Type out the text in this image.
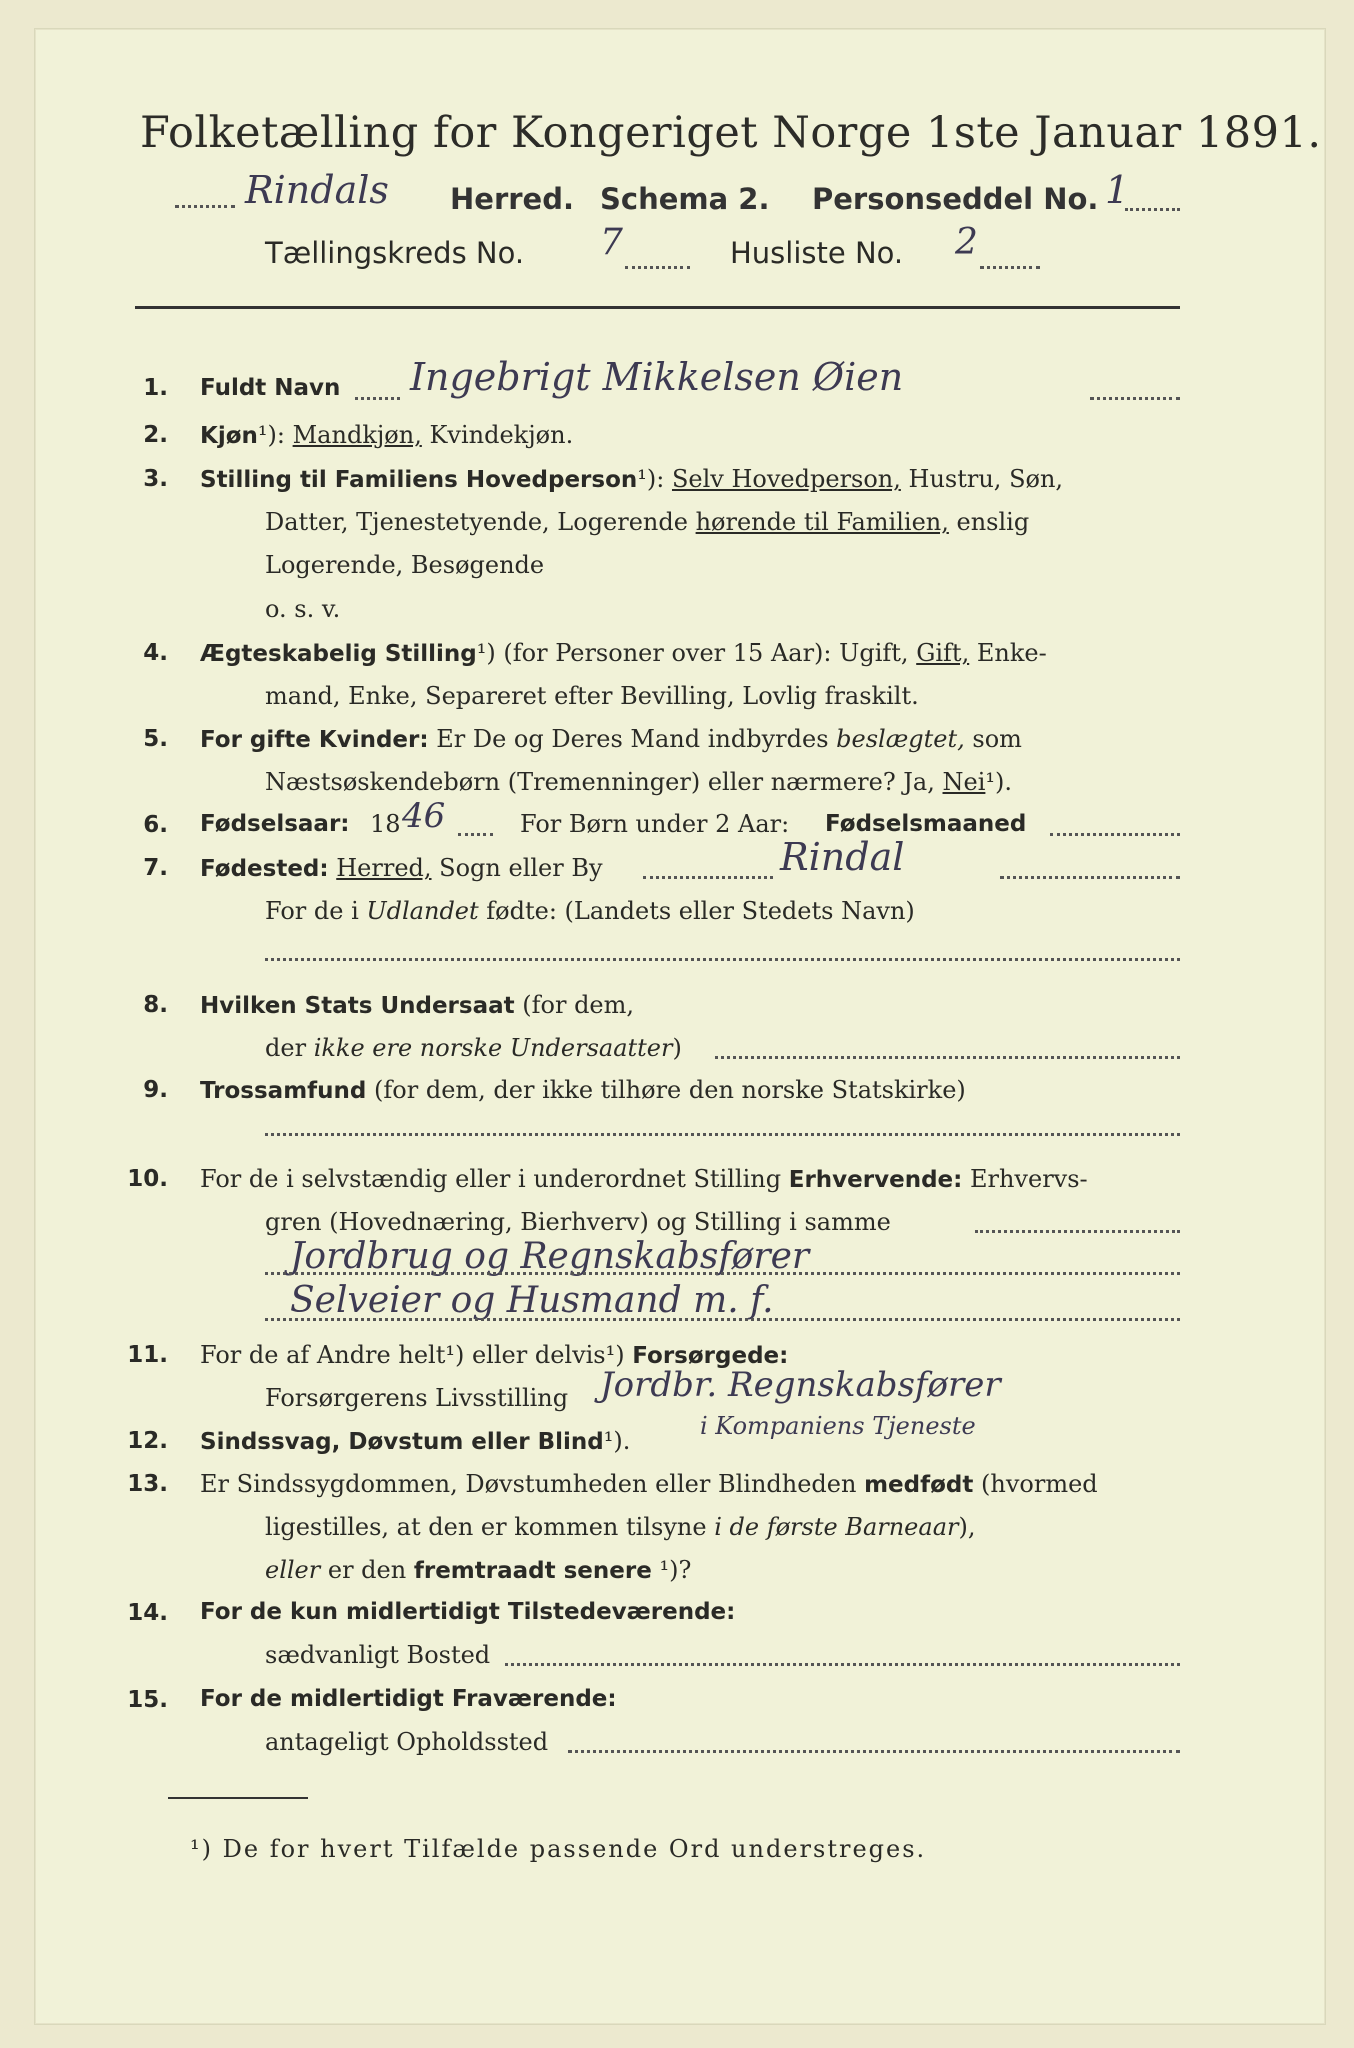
Folketælling for Kongeriget Norge 1ste Januar 1891.
Rindals Herred. Schema 2. Personseddel No. 1
Tællingskreds No. 7	Husliste No. 2
1. Fuldt Navn Ingebrigt Mikkelsen Øien
2. Kjøn¹): Mandkjøn, Kvindekjøn.
3. Stilling til Familiens Hovedperson¹): Selv Hovedperson, Hustru, Søn,
Datter, Tjenestetyende, Logerende hørende til Familien, enslig
Logerende, Besøgende
o. s. v.
4. Ægteskabelig Stilling¹) (for Personer over 15 Aar): Ugift, Gift, Enke-
mand, Enke, Separeret efter Bevilling, Lovlig fraskilt.
5. For gifte Kvinder: Er De og Deres Mand indbyrdes beslægtet, som
Næstsøskendebørn (Tremenninger) eller nærmere? Ja, Nei¹).
6. Fødselsaar: 18 46	For Børn under 2 Aar: Fødselsmaaned
7. Fødested: Herred, Sogn eller By	Rindal
For de i Udlandet fødte: (Landets eller Stedets Navn)
8. Hvilken Stats Undersaat (for dem,
der ikke ere norske Undersaatter)
9. Trossamfund (for dem, der ikke tilhøre den norske Statskirke)
10. For de i selvstændig eller i underordnet Stilling Erhvervende: Erhvervs-
gren (Hovednæring, Bierhverv) og Stilling i samme
Jordbrug og Regnskabsfører
Selveier og Husmand m. f.
11. For de af Andre helt¹) eller delvis¹) Forsørgede:
Forsørgerens Livsstilling Jordbr. Regnskabsfører
i Kompaniens Tjeneste
12. Sindssvag, Døvstum eller Blind¹).
13. Er Sindssygdommen, Døvstumheden eller Blindheden medfødt (hvormed
ligestilles, at den er kommen tilsyne i de første Barneaar),
eller er den fremtraadt senere ¹)?
14. For de kun midlertidigt Tilstedeværende:
sædvanligt Bosted
15. For de midlertidigt Fraværende:
antageligt Opholdssted
¹) De for hvert Tilfælde passende Ord understreges.
